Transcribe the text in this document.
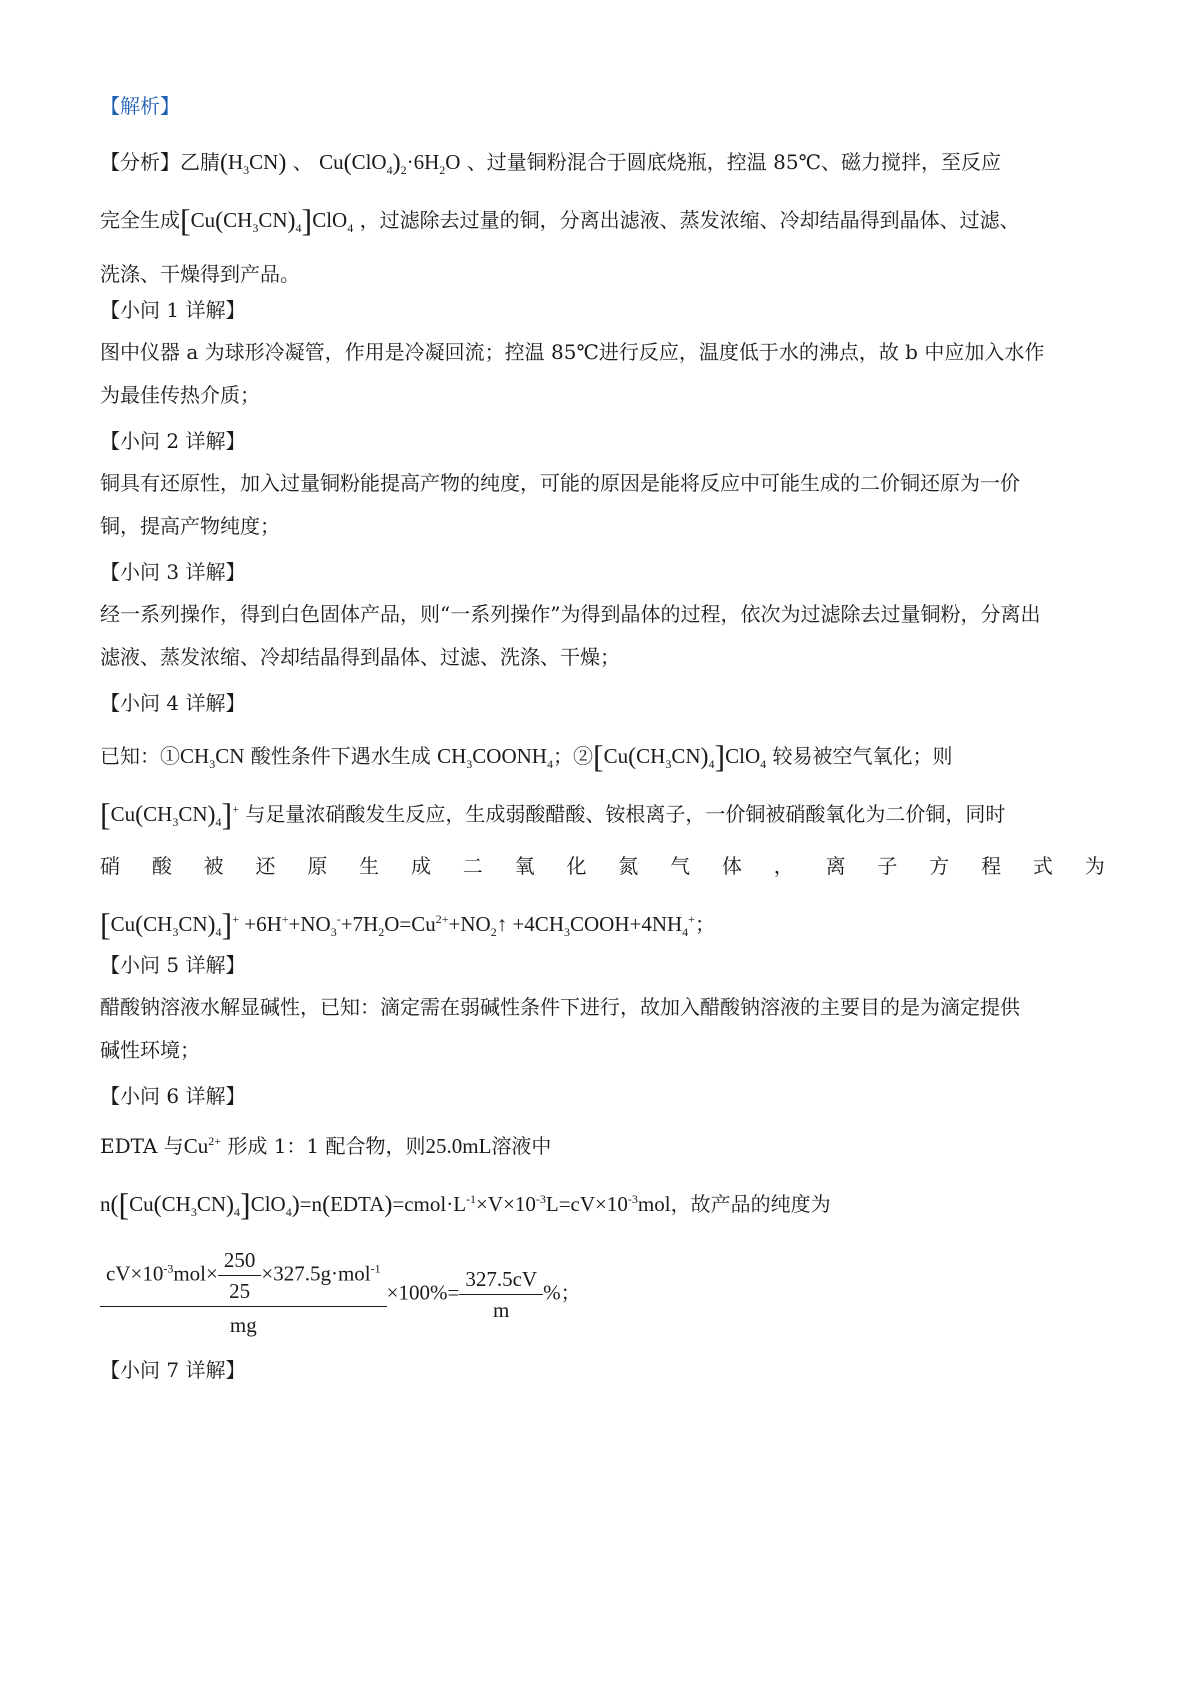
【解析】
【分析】乙腈$(H_3CN)$ 、 $Cu(ClO_4)_2\cdot 6H_2O$ 、过量铜粉混合于圆底烧瓶，控温 85℃、磁力搅拌，至反应
完全生成$[Cu(CH_3CN)_4]ClO_4$ ，过滤除去过量的铜，分离出滤液、蒸发浓缩、冷却结晶得到晶体、过滤、
洗涤、干燥得到产品。
【小问 1 详解】
图中仪器 a 为球形冷凝管，作用是冷凝回流；控温 85℃进行反应，温度低于水的沸点，故 b 中应加入水作
为最佳传热介质；
【小问 2 详解】
铜具有还原性，加入过量铜粉能提高产物的纯度，可能的原因是能将反应中可能生成的二价铜还原为一价
铜，提高产物纯度；
【小问 3 详解】
经一系列操作，得到白色固体产品，则“一系列操作”为得到晶体的过程，依次为过滤除去过量铜粉，分离出
滤液、蒸发浓缩、冷却结晶得到晶体、过滤、洗涤、干燥；
【小问 4 详解】
已知：$①CH_3CN$ 酸性条件下遇水生成 $CH_3COONH_4$；$②[Cu(CH_3CN)_4]ClO_4$ 较易被空气氧化；则
$[Cu(CH_3CN)_4]^+$ 与足量浓硝酸发生反应，生成弱酸醋酸、铵根离子，一价铜被硝酸氧化为二价铜，同时
硝 酸 被 还 原 生 成 二 氧 化 氮 气 体 ， 离 子 方 程 式 为
$[Cu(CH_3CN)_4]^+$ $+6H^++NO_3^-+7H_2O=Cu^{2+}+NO_2↑$ $+4CH_3COOH+4NH_4^+$；
【小问 5 详解】
醋酸钠溶液水解显碱性，已知：滴定需在弱碱性条件下进行，故加入醋酸钠溶液的主要目的是为滴定提供
碱性环境；
【小问 6 详解】
EDTA 与$Cu^{2+}$ 形成 1：1 配合物，则25.0mL溶液中
$n([Cu(CH_3CN)_4]ClO_4)=n(EDTA)=cmol\cdot L^{-1}\times V\times 10^{-3}L=cV\times 10^{-3}mol$，故产品的纯度为
$\frac{cV\times 10^{-3}mol\times \frac{250}{25} \times 327.5g\cdot mol^{-1}}{mg} \times 100\%= \frac{327.5cV}{m}$ %；
【小问 7 详解】
